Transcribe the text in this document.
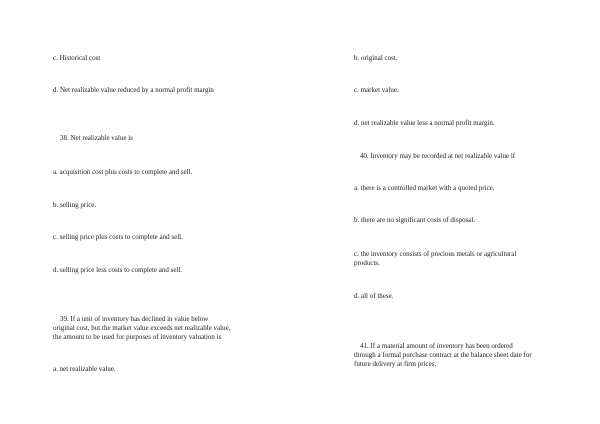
c. Historical cost
d. Net realizable value reduced by a normal profit margin
38. Net realizable value is
a. acquisition cost plus costs to complete and sell.
b. selling price.
c. selling price plus costs to complete and sell.
d. selling price less costs to complete and sell.
39. If a unit of inventory has declined in value below
original cost, but the market value exceeds net realizable value,
the amount to be used for purposes of inventory valuation is
a. net realizable value.
b. original cost.
c. market value.
d. net realizable value less a normal profit margin.
40. Inventory may be recorded at net realizable value if
a. there is a controlled market with a quoted price.
b. there are no significant costs of disposal.
c. the inventory consists of precious metals or agricultural
products.
d. all of these.
41. If a material amount of inventory has been ordered
through a formal purchase contract at the balance sheet date for
future delivery at firm prices,
